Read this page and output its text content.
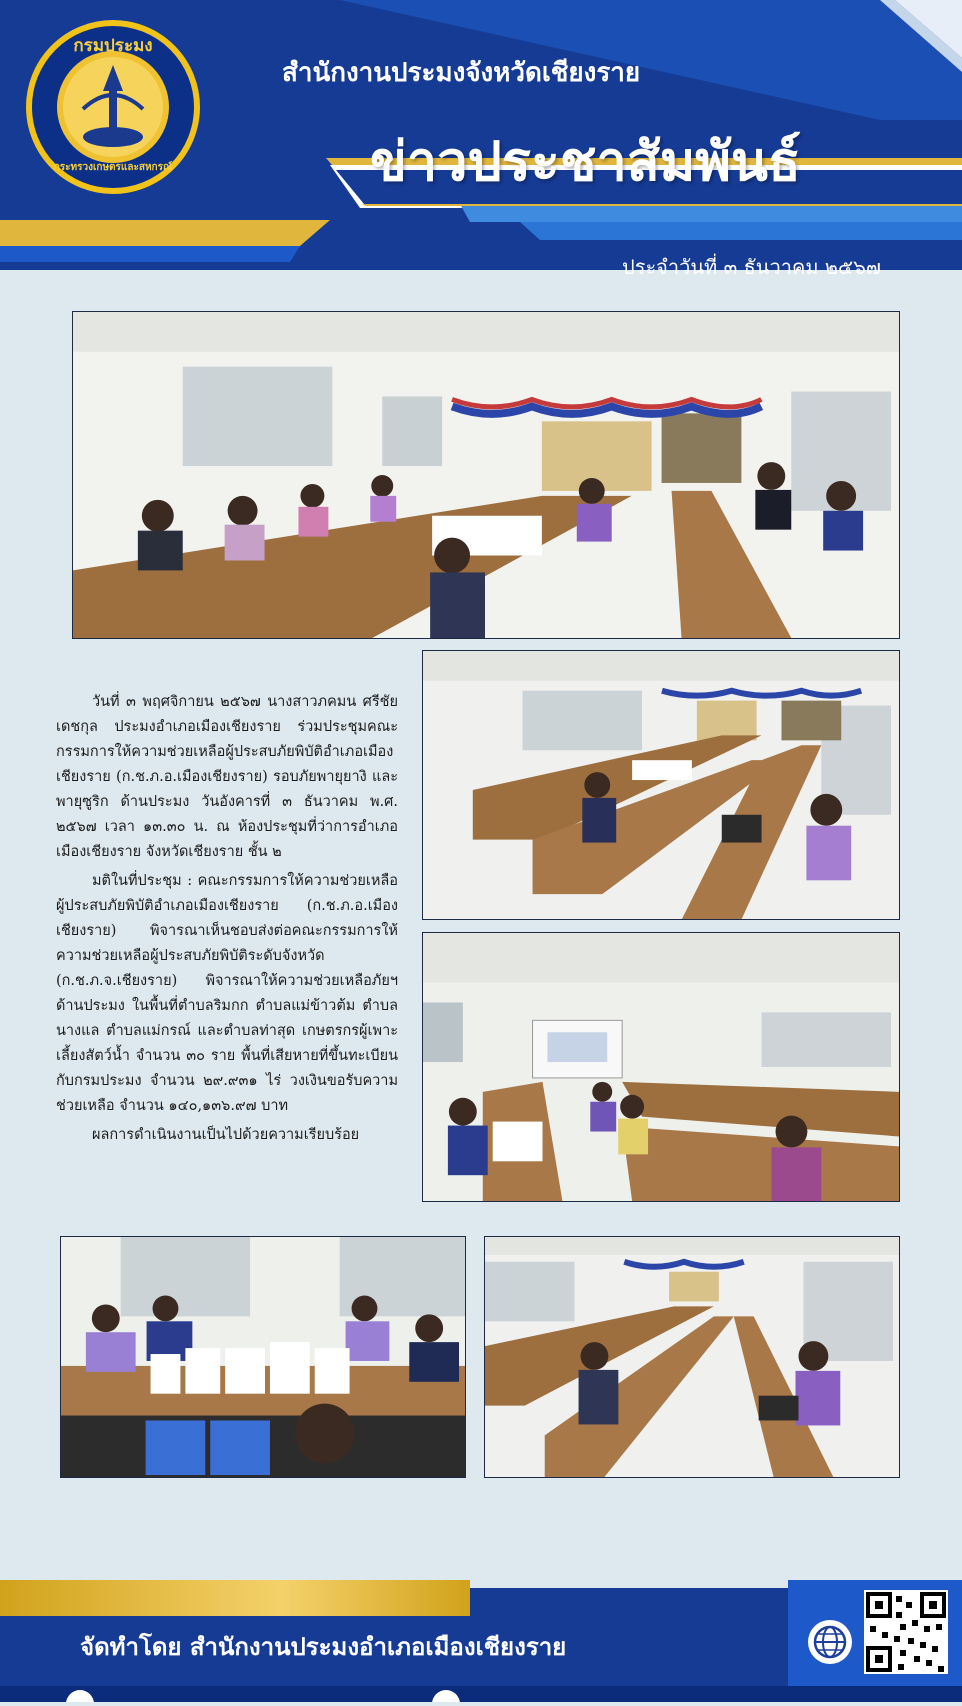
กรมประมง
กระทรวงเกษตรและสหกรณ์
สำนักงานประมงจังหวัดเชียงราย
ข่าวประชาสัมพันธ์
ประจำวันที่ ๓ ธันวาคม ๒๕๖๗

วันที่ ๓ พฤศจิกายน ๒๕๖๗ นางสาวภคมน ศรีชัยเดชกุล ประมงอำเภอเมืองเชียงราย ร่วมประชุมคณะกรรมการให้ความช่วยเหลือผู้ประสบภัยพิบัติอำเภอเมืองเชียงราย (ก.ช.ภ.อ.เมืองเชียงราย) รอบภัยพายุยางิ และพายุซูริก ด้านประมง วันอังคารที่ ๓ ธันวาคม พ.ศ. ๒๕๖๗ เวลา ๑๓.๓๐ น. ณ ห้องประชุมที่ว่าการอำเภอเมืองเชียงราย จังหวัดเชียงราย ชั้น ๒

มติในที่ประชุม : คณะกรรมการให้ความช่วยเหลือผู้ประสบภัยพิบัติอำเภอเมืองเชียงราย (ก.ช.ภ.อ.เมืองเชียงราย) พิจารณาเห็นชอบส่งต่อคณะกรรมการให้ความช่วยเหลือผู้ประสบภัยพิบัติระดับจังหวัด (ก.ช.ภ.จ.เชียงราย) พิจารณาให้ความช่วยเหลือภัยฯ ด้านประมง ในพื้นที่ตำบลริมกก ตำบลแม่ข้าวต้ม ตำบลนางแล ตำบลแม่กรณ์ และตำบลท่าสุด เกษตรกรผู้เพาะเลี้ยงสัตว์น้ำ จำนวน ๓๐ ราย พื้นที่เสียหายที่ขึ้นทะเบียนกับกรมประมง จำนวน ๒๙.๙๓๑ ไร่ วงเงินขอรับความช่วยเหลือ จำนวน ๑๔๐,๑๓๖.๙๗ บาท

ผลการดำเนินงานเป็นไปด้วยความเรียบร้อย

จัดทำโดย สำนักงานประมงอำเภอเมืองเชียงราย
